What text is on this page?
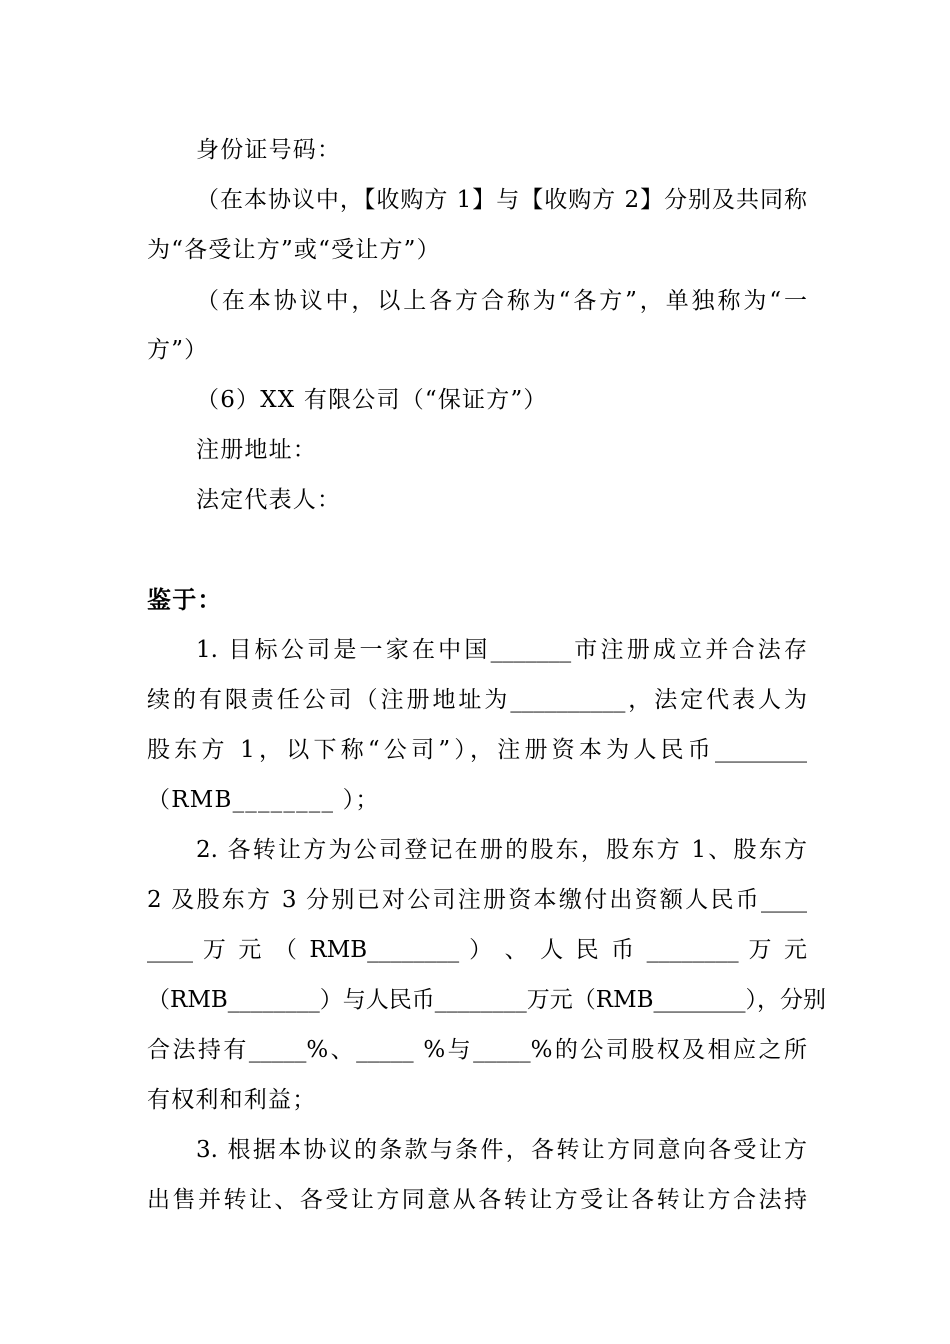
身份证号码：
（在本协议中，【收购方 1】与【收购方 2】分别及共同称
为“各受让方”或“受让方”）
（在本协议中，以上各方合称为“各方”，单独称为“一
方”）
（6）XX 有限公司（“保证方”）
注册地址：
法定代表人：
鉴于：
1. 目标公司是一家在中国_______市注册成立并合法存
续的有限责任公司（注册地址为__________，法定代表人为
股东方 1，以下称“公司”），注册资本为人民币________
（RMB________ ）；
2. 各转让方为公司登记在册的股东，股东方 1、股东方
2 及股东方 3 分别已对公司注册资本缴付出资额人民币____
____ 万 元 （ RMB________ ） 、 人 民 币 ________ 万 元
（RMB________）与人民币________万元（RMB________），分别
合法持有_____%、_____ %与_____%的公司股权及相应之所
有权利和利益；
3. 根据本协议的条款与条件，各转让方同意向各受让方
出售并转让、各受让方同意从各转让方受让各转让方合法持
